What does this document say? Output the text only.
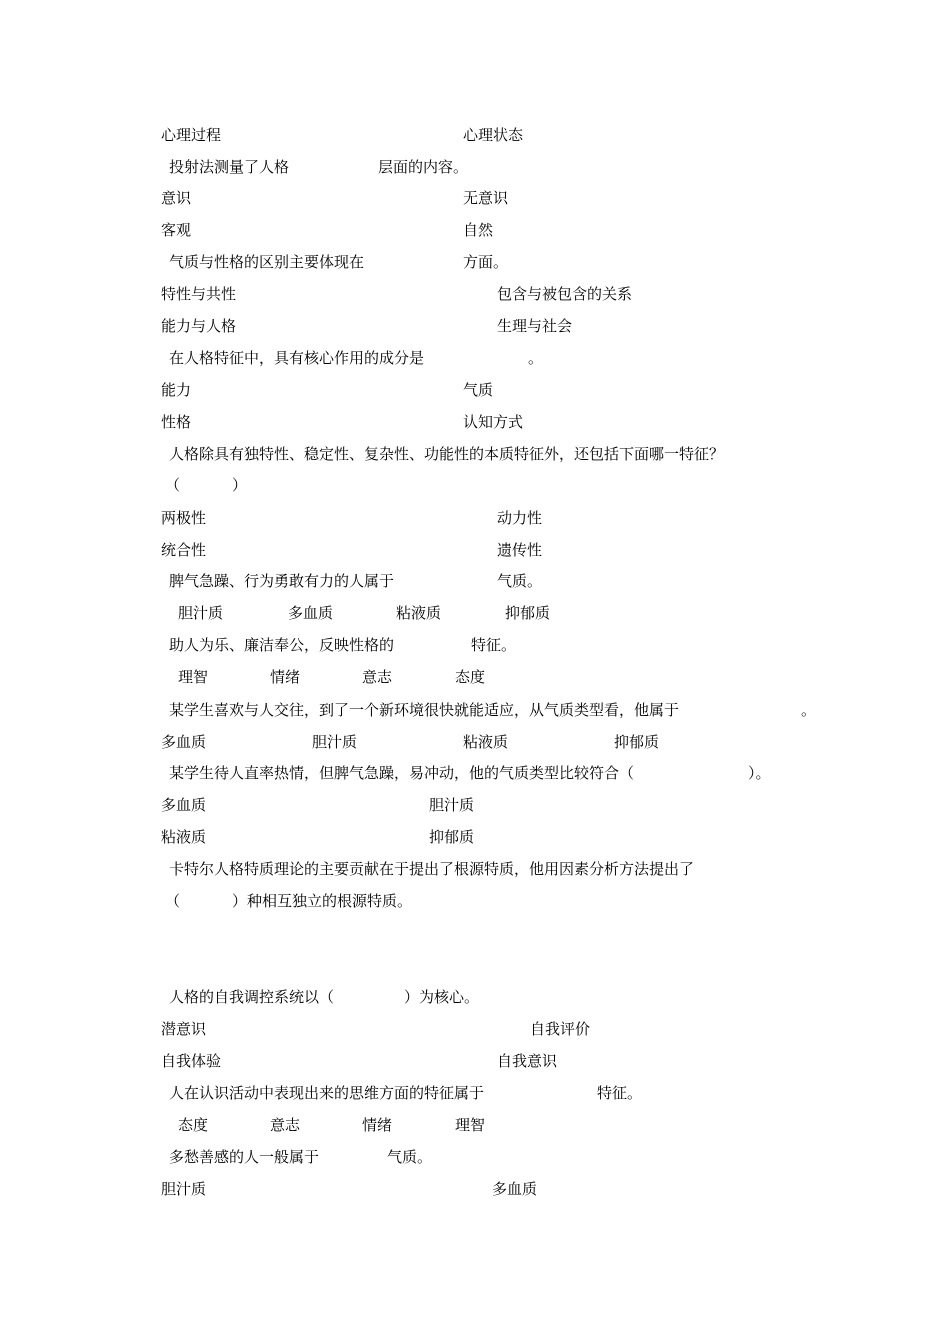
心理过程	心理状态
投射法测量了人格	层面的内容。
意识	无意识
客观	自然
气质与性格的区别主要体现在	方面。
特性与共性	包含与被包含的关系
能力与人格	生理与社会
在人格特征中，具有核心作用的成分是	。
能力	气质
性格	认知方式
人格除具有独特性、稳定性、复杂性、功能性的本质特征外，还包括下面哪一特征？
（	）
两极性	动力性
统合性	遗传性
脾气急躁、行为勇敢有力的人属于	气质。
胆汁质	多血质	粘液质	抑郁质
助人为乐、廉洁奉公，反映性格的	特征。
理智	情绪	意志	态度
某学生喜欢与人交往，到了一个新环境很快就能适应，从气质类型看，他属于	。
多血质	胆汁质	粘液质	抑郁质
某学生待人直率热情，但脾气急躁，易冲动，他的气质类型比较符合（	）。
多血质	胆汁质
粘液质	抑郁质
卡特尔人格特质理论的主要贡献在于提出了根源特质，他用因素分析方法提出了
（	）种相互独立的根源特质。
人格的自我调控系统以（	）为核心。
潜意识	自我评价
自我体验	自我意识
人在认识活动中表现出来的思维方面的特征属于	特征。
态度	意志	情绪	理智
多愁善感的人一般属于	气质。
胆汁质	多血质
